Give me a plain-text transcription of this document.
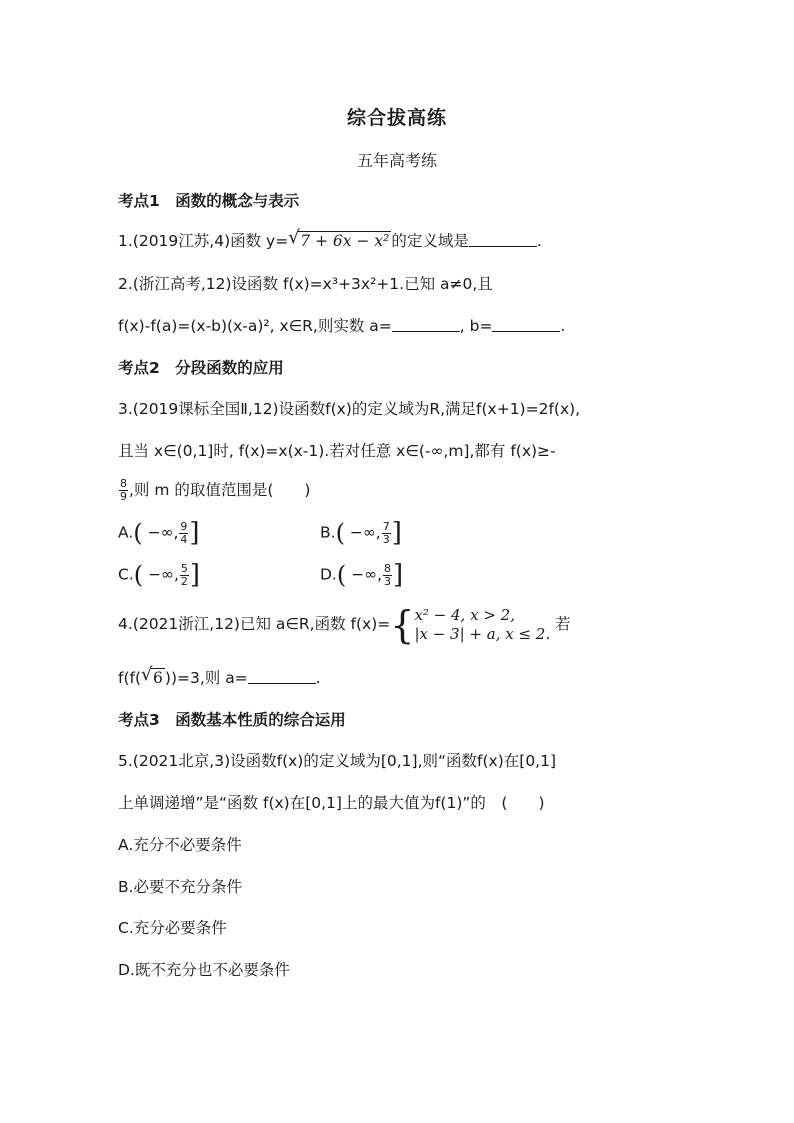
综合拔高练
五年高考练
考点1　函数的概念与表示
1.(2019江苏,4)函数 y= √ 7 + 6x − x² 的定义域是	.
2.(浙江高考,12)设函数 f(x)=x³+3x²+1.已知 a≠0,且
f(x)-f(a)=(x-b)(x-a)², x∈R,则实数 a=	, b=	.
考点2　分段函数的应用
3.(2019课标全国Ⅱ,12)设函数f(x)的定义域为R,满足f(x+1)=2f(x),
且当 x∈(0,1]时, f(x)=x(x-1).若对任意 x∈(-∞,m],都有 f(x)≥-
$\frac{8}{9}$ ,则 m 的取值范围是(　　)
A.( −∞, $\frac{9}{4}$ ]	B.( −∞, $\frac{7}{3}$ ]
C.( −∞, $\frac{5}{2}$ ]	D.( −∞, $\frac{8}{3}$ ]
4.(2021浙江,12)已知 a∈R,函数 f(x)= { x² − 4, x > 2,
|x − 3| + a, x ≤ 2.
若
f(f( √ 6 ))=3,则 a=	.
考点3　函数基本性质的综合运用
5.(2021北京,3)设函数f(x)的定义域为[0,1],则“函数f(x)在[0,1]
上单调递增”是“函数 f(x)在[0,1]上的最大值为f(1)”的　(　　)
A.充分不必要条件
B.必要不充分条件
C.充分必要条件
D.既不充分也不必要条件
